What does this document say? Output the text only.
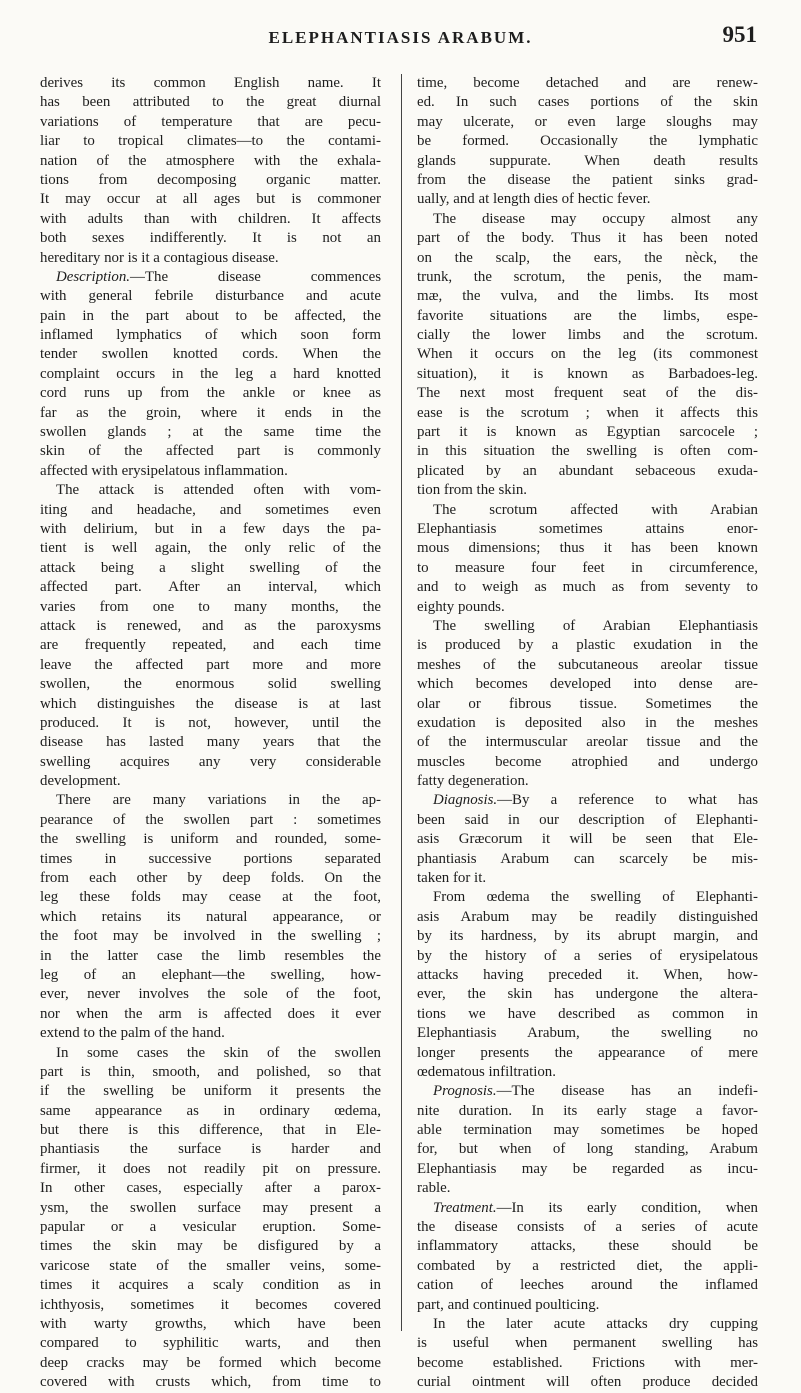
ELEPHANTIASIS ARABUM.	951
derives its common English name. It
has been attributed to the great diurnal
variations of temperature that are pecu-
liar to tropical climates—to the contami-
nation of the atmosphere with the exhala-
tions from decomposing organic matter.
It may occur at all ages but is commoner
with adults than with children. It affects
both sexes indifferently. It is not an
hereditary nor is it a contagious disease.
Description.—The disease commences
with general febrile disturbance and acute
pain in the part about to be affected, the
inflamed lymphatics of which soon form
tender swollen knotted cords. When the
complaint occurs in the leg a hard knotted
cord runs up from the ankle or knee as
far as the groin, where it ends in the
swollen glands ; at the same time the
skin of the affected part is commonly
affected with erysipelatous inflammation.
The attack is attended often with vom-
iting and headache, and sometimes even
with delirium, but in a few days the pa-
tient is well again, the only relic of the
attack being a slight swelling of the
affected part. After an interval, which
varies from one to many months, the
attack is renewed, and as the paroxysms
are frequently repeated, and each time
leave the affected part more and more
swollen, the enormous solid swelling
which distinguishes the disease is at last
produced. It is not, however, until the
disease has lasted many years that the
swelling acquires any very considerable
development.
There are many variations in the ap-
pearance of the swollen part : sometimes
the swelling is uniform and rounded, some-
times in successive portions separated
from each other by deep folds. On the
leg these folds may cease at the foot,
which retains its natural appearance, or
the foot may be involved in the swelling ;
in the latter case the limb resembles the
leg of an elephant—the swelling, how-
ever, never involves the sole of the foot,
nor when the arm is affected does it ever
extend to the palm of the hand.
In some cases the skin of the swollen
part is thin, smooth, and polished, so that
if the swelling be uniform it presents the
same appearance as in ordinary œdema,
but there is this difference, that in Ele-
phantiasis the surface is harder and
firmer, it does not readily pit on pressure.
In other cases, especially after a parox-
ysm, the swollen surface may present a
papular or a vesicular eruption. Some-
times the skin may be disfigured by a
varicose state of the smaller veins, some-
times it acquires a scaly condition as in
ichthyosis, sometimes it becomes covered
with warty growths, which have been
compared to syphilitic warts, and then
deep cracks may be formed which become
covered with crusts which, from time to
time, become detached and are renew-
ed. In such cases portions of the skin
may ulcerate, or even large sloughs may
be formed. Occasionally the lymphatic
glands suppurate. When death results
from the disease the patient sinks grad-
ually, and at length dies of hectic fever.
The disease may occupy almost any
part of the body. Thus it has been noted
on the scalp, the ears, the nèck, the
trunk, the scrotum, the penis, the mam-
mæ, the vulva, and the limbs. Its most
favorite situations are the limbs, espe-
cially the lower limbs and the scrotum.
When it occurs on the leg (its commonest
situation), it is known as Barbadoes-leg.
The next most frequent seat of the dis-
ease is the scrotum ; when it affects this
part it is known as Egyptian sarcocele ;
in this situation the swelling is often com-
plicated by an abundant sebaceous exuda-
tion from the skin.
The scrotum affected with Arabian
Elephantiasis sometimes attains enor-
mous dimensions; thus it has been known
to measure four feet in circumference,
and to weigh as much as from seventy to
eighty pounds.
The swelling of Arabian Elephantiasis
is produced by a plastic exudation in the
meshes of the subcutaneous areolar tissue
which becomes developed into dense are-
olar or fibrous tissue. Sometimes the
exudation is deposited also in the meshes
of the intermuscular areolar tissue and the
muscles become atrophied and undergo
fatty degeneration.
Diagnosis.—By a reference to what has
been said in our description of Elephanti-
asis Græcorum it will be seen that Ele-
phantiasis Arabum can scarcely be mis-
taken for it.
From œdema the swelling of Elephanti-
asis Arabum may be readily distinguished
by its hardness, by its abrupt margin, and
by the history of a series of erysipelatous
attacks having preceded it. When, how-
ever, the skin has undergone the altera-
tions we have described as common in
Elephantiasis Arabum, the swelling no
longer presents the appearance of mere
œdematous infiltration.
Prognosis.—The disease has an indefi-
nite duration. In its early stage a favor-
able termination may sometimes be hoped
for, but when of long standing, Arabum
Elephantiasis may be regarded as incu-
rable.
Treatment.—In its early condition, when
the disease consists of a series of acute
inflammatory attacks, these should be
combated by a restricted diet, the appli-
cation of leeches around the inflamed
part, and continued poulticing.
In the later acute attacks dry cupping
is useful when permanent swelling has
become established. Frictions with mer-
curial ointment will often produce decided
